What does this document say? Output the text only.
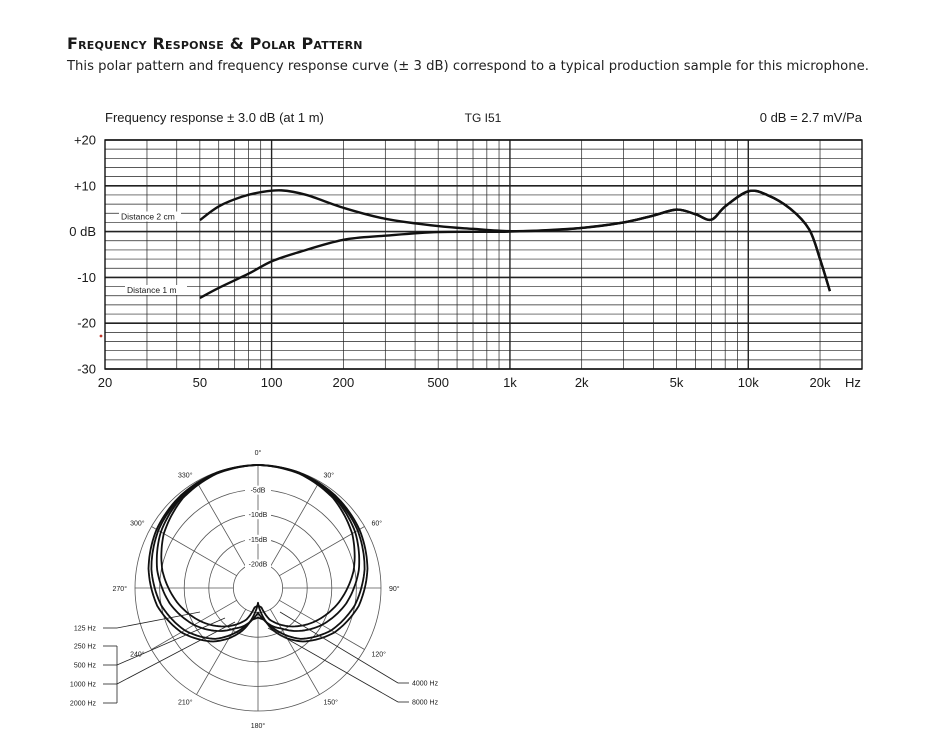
Frequency Response & Polar Pattern
This polar pattern and frequency response curve (± 3 dB) correspond to a typical production sample for this microphone.
Distance 2 cm
Distance 1 m
+20
+10
0 dB
-10
-20
-30
20	50	100	200	500	1k	2k	5k	10k	20k Hz
Frequency response ± 3.0 dB (at 1 m)	TG I51	0 dB = 2.7 mV/Pa
0°
30°
60°
90°
120°
150°
180°
210°
240°
270°
300°
330°
-5dB
-10dB
-15dB
-20dB
125 Hz
250 Hz
500 Hz
1000 Hz
2000 Hz
4000 Hz
8000 Hz
